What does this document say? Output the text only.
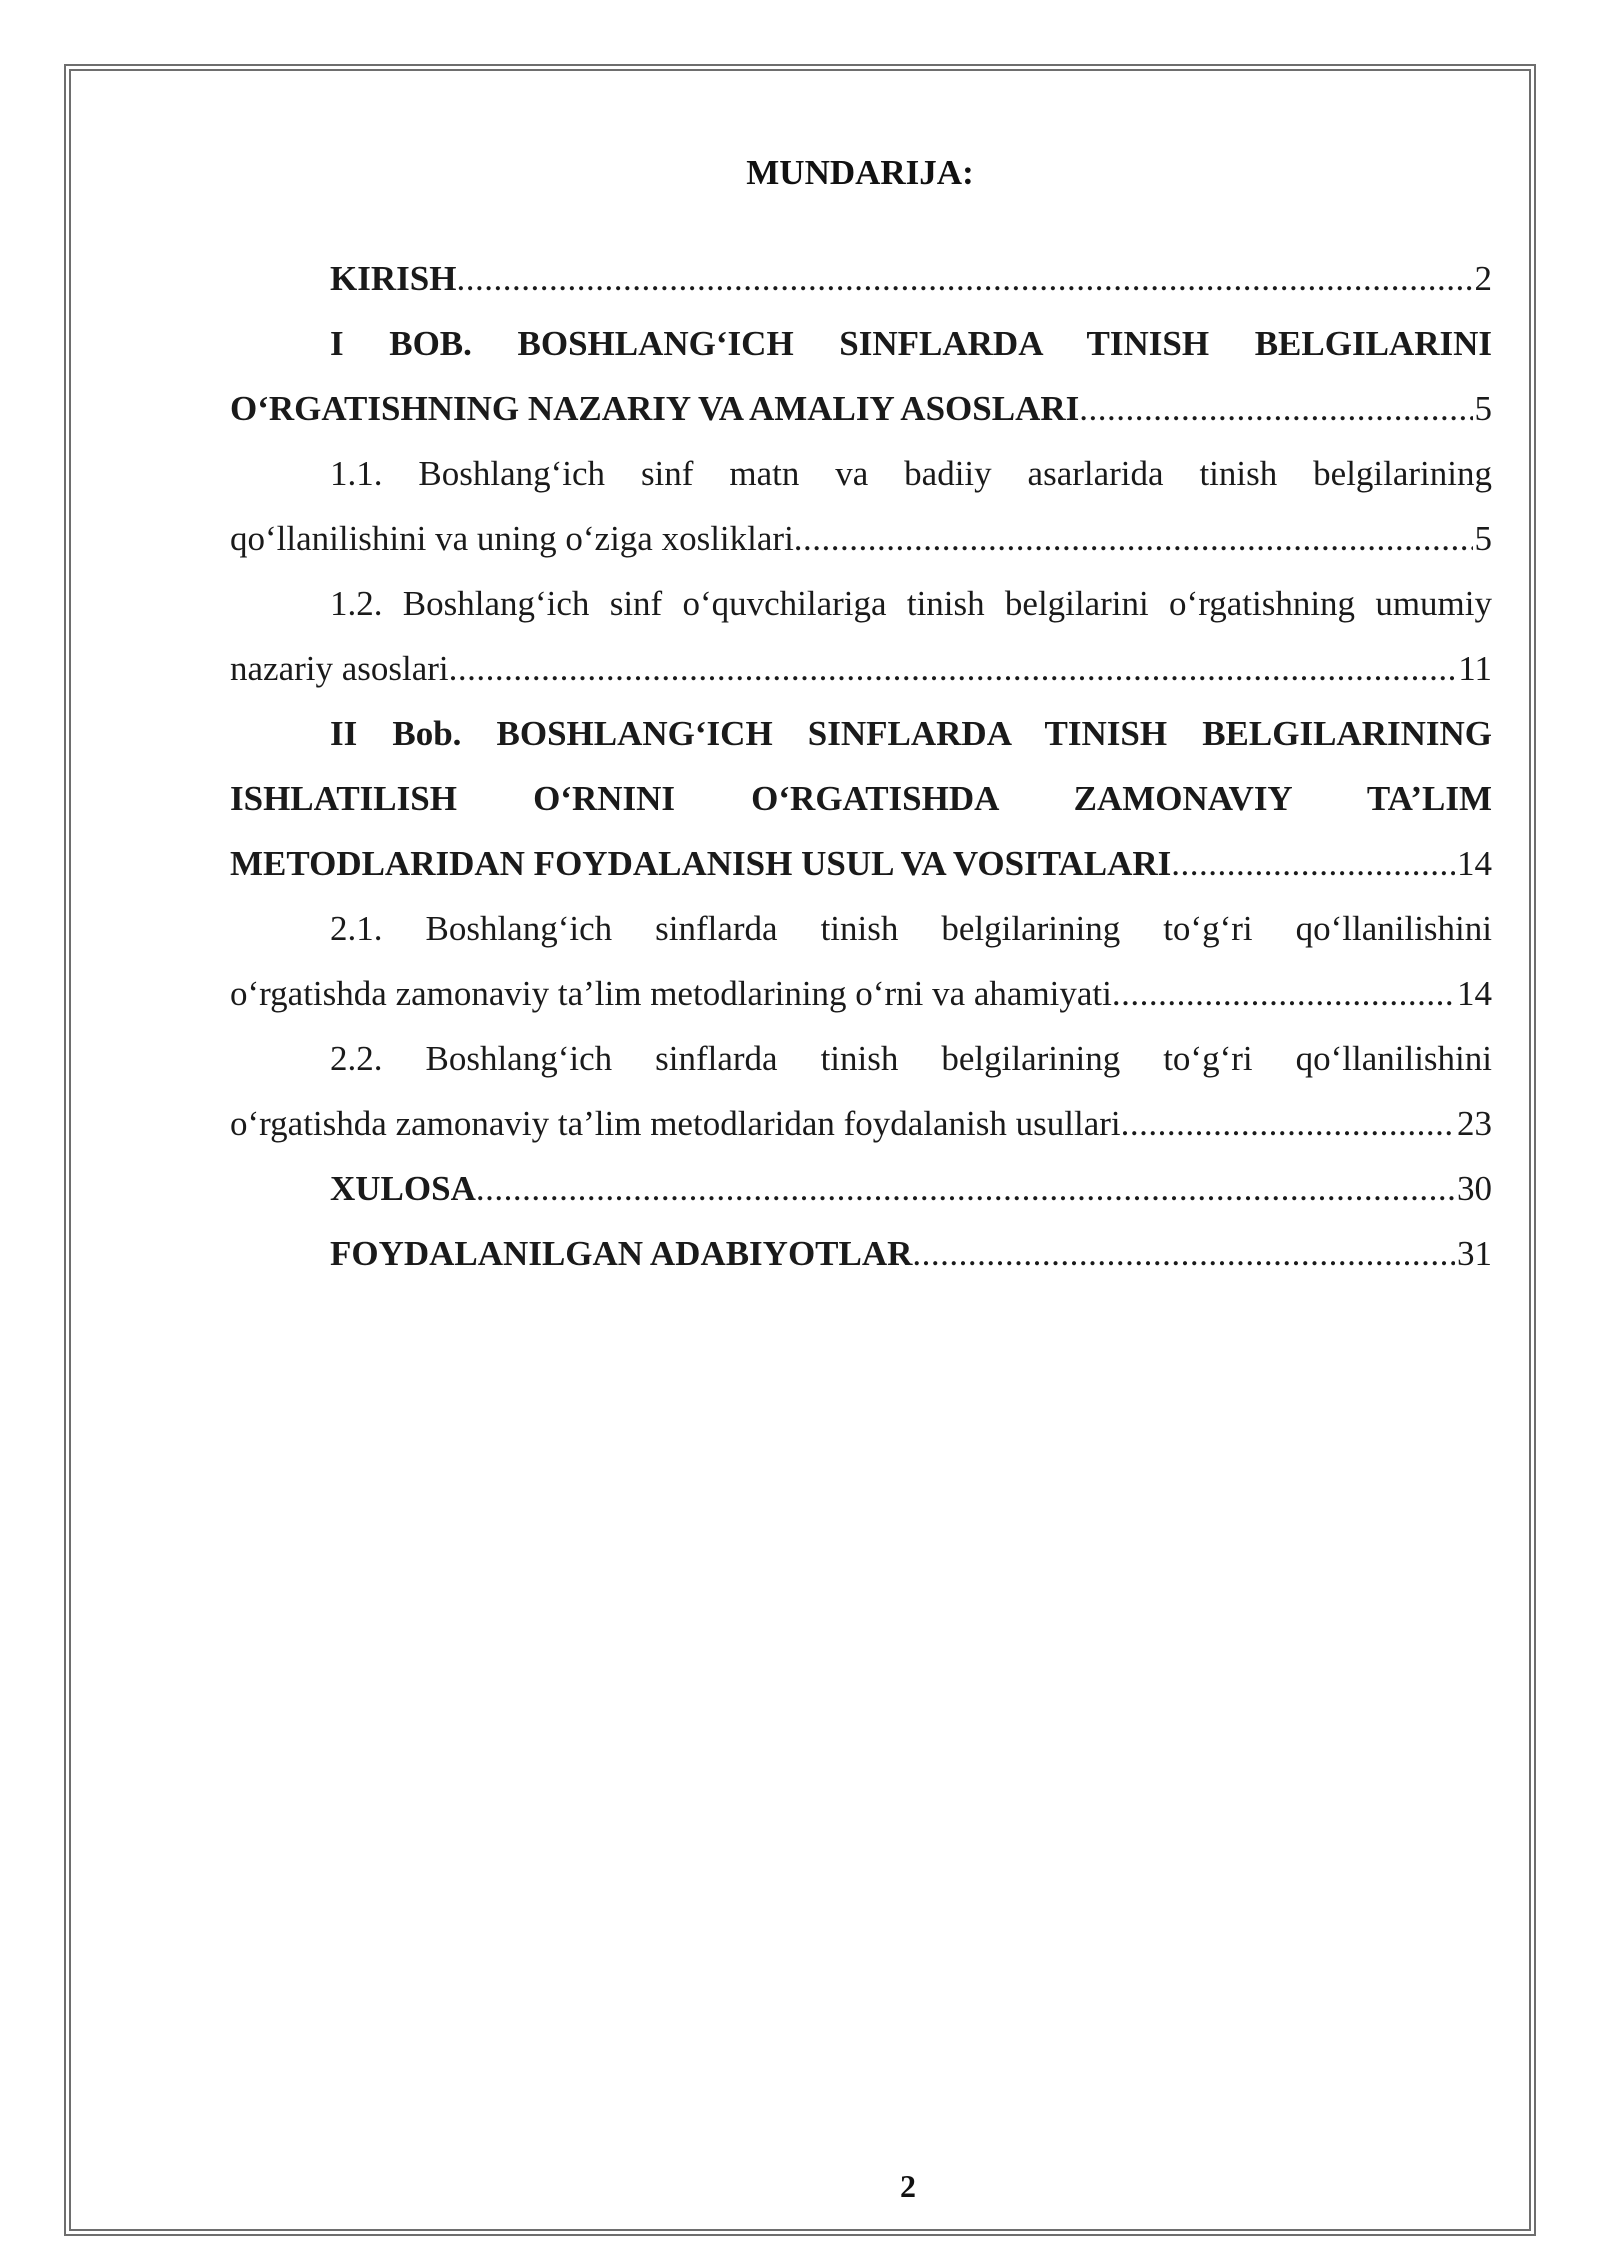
MUNDARIJA:
KIRISH .....	2
I BOB. BOSHLANG‘ICH SINFLARDA TINISH BELGILARINI
O‘RGATISHNING NAZARIY VA AMALIY ASOSLARI .....	5
1.1. Boshlang‘ich sinf matn va badiiy asarlarida tinish belgilarining
qo‘llanilishini va uning o‘ziga xosliklari .....	5
1.2. Boshlang‘ich sinf o‘quvchilariga tinish belgilarini o‘rgatishning umumiy
nazariy asoslari .....	11
II Bob. BOSHLANG‘ICH SINFLARDA TINISH BELGILARINING
ISHLATILISH O‘RNINI O‘RGATISHDA ZAMONAVIY TA’LIM
METODLARIDAN FOYDALANISH USUL VA VOSITALARI .....	14
2.1. Boshlang‘ich sinflarda tinish belgilarining to‘g‘ri qo‘llanilishini
o‘rgatishda zamonaviy ta’lim metodlarining o‘rni va ahamiyati .....	14
2.2. Boshlang‘ich sinflarda tinish belgilarining to‘g‘ri qo‘llanilishini
o‘rgatishda zamonaviy ta’lim metodlaridan foydalanish usullari .....	23
XULOSA .....	30
FOYDALANILGAN ADABIYOTLAR .....	31
2
